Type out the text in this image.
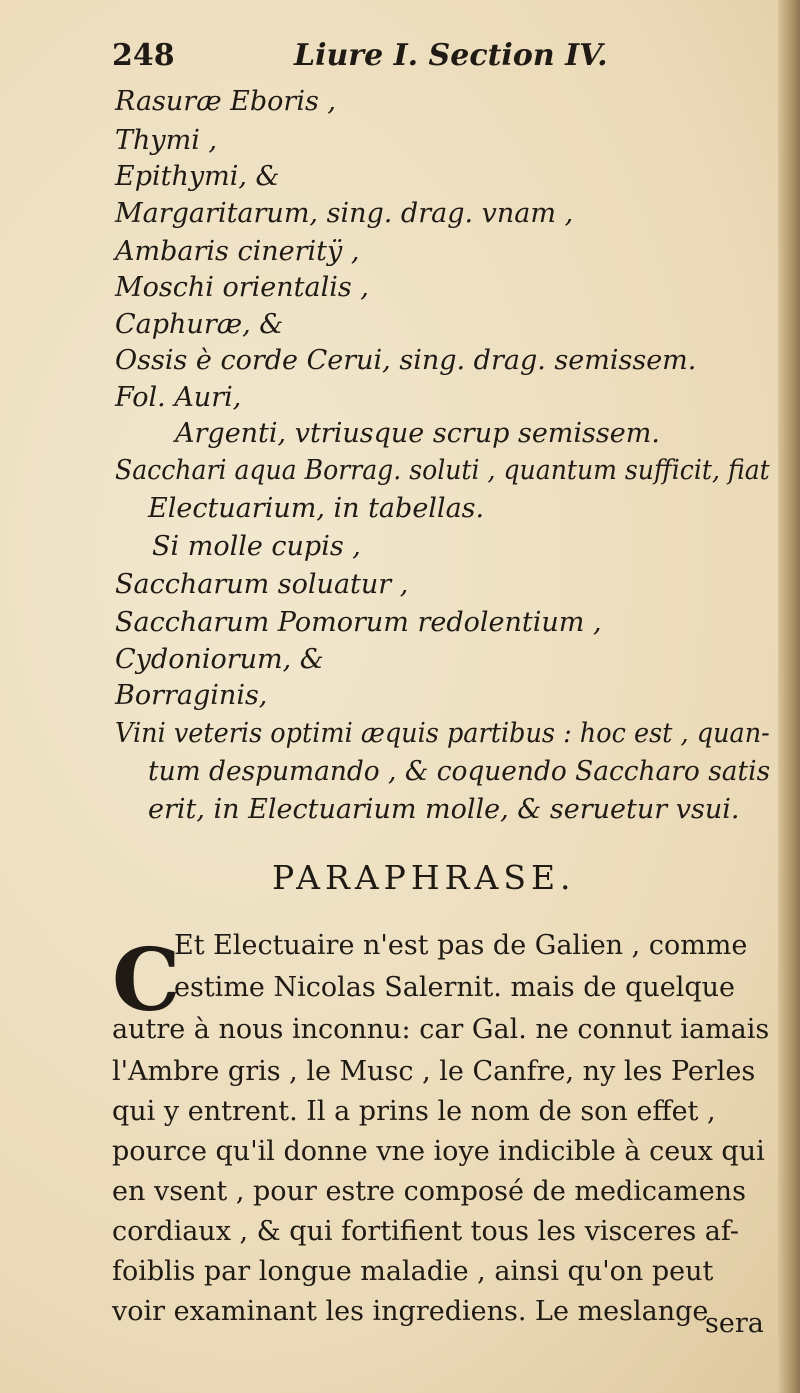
248	Liure I. Section IV.
Rasuræ Eboris ,
Thymi ,
Epithymi, &
Margaritarum, sing. drag. vnam ,
Ambaris cineritÿ ,
Moschi orientalis ,
Caphuræ, &
Ossis è corde Cerui, sing. drag. semissem.
Fol. Auri,
Argenti, vtriusque scrup semissem.
Sacchari aqua Borrag. soluti , quantum sufficit, fiat
Electuarium, in tabellas.
Si molle cupis ,
Saccharum soluatur ,
Saccharum Pomorum redolentium ,
Cydoniorum, &
Borraginis,
Vini veteris optimi æquis partibus : hoc est , quan-
tum despumando , & coquendo Saccharo satis
erit, in Electuarium molle, & seruetur vsui.
PARAPHRASE.
C
Et Electuaire n'est pas de Galien , comme
estime Nicolas Salernit. mais de quelque
autre à nous inconnu: car Gal. ne connut iamais
l'Ambre gris , le Musc , le Canfre, ny les Perles
qui y entrent. Il a prins le nom de son effet ,
pource qu'il donne vne ioye indicible à ceux qui
en vsent , pour estre composé de medicamens
cordiaux , & qui fortifient tous les visceres af-
foiblis par longue maladie , ainsi qu'on peut
voir examinant les ingrediens. Le meslange
sera
